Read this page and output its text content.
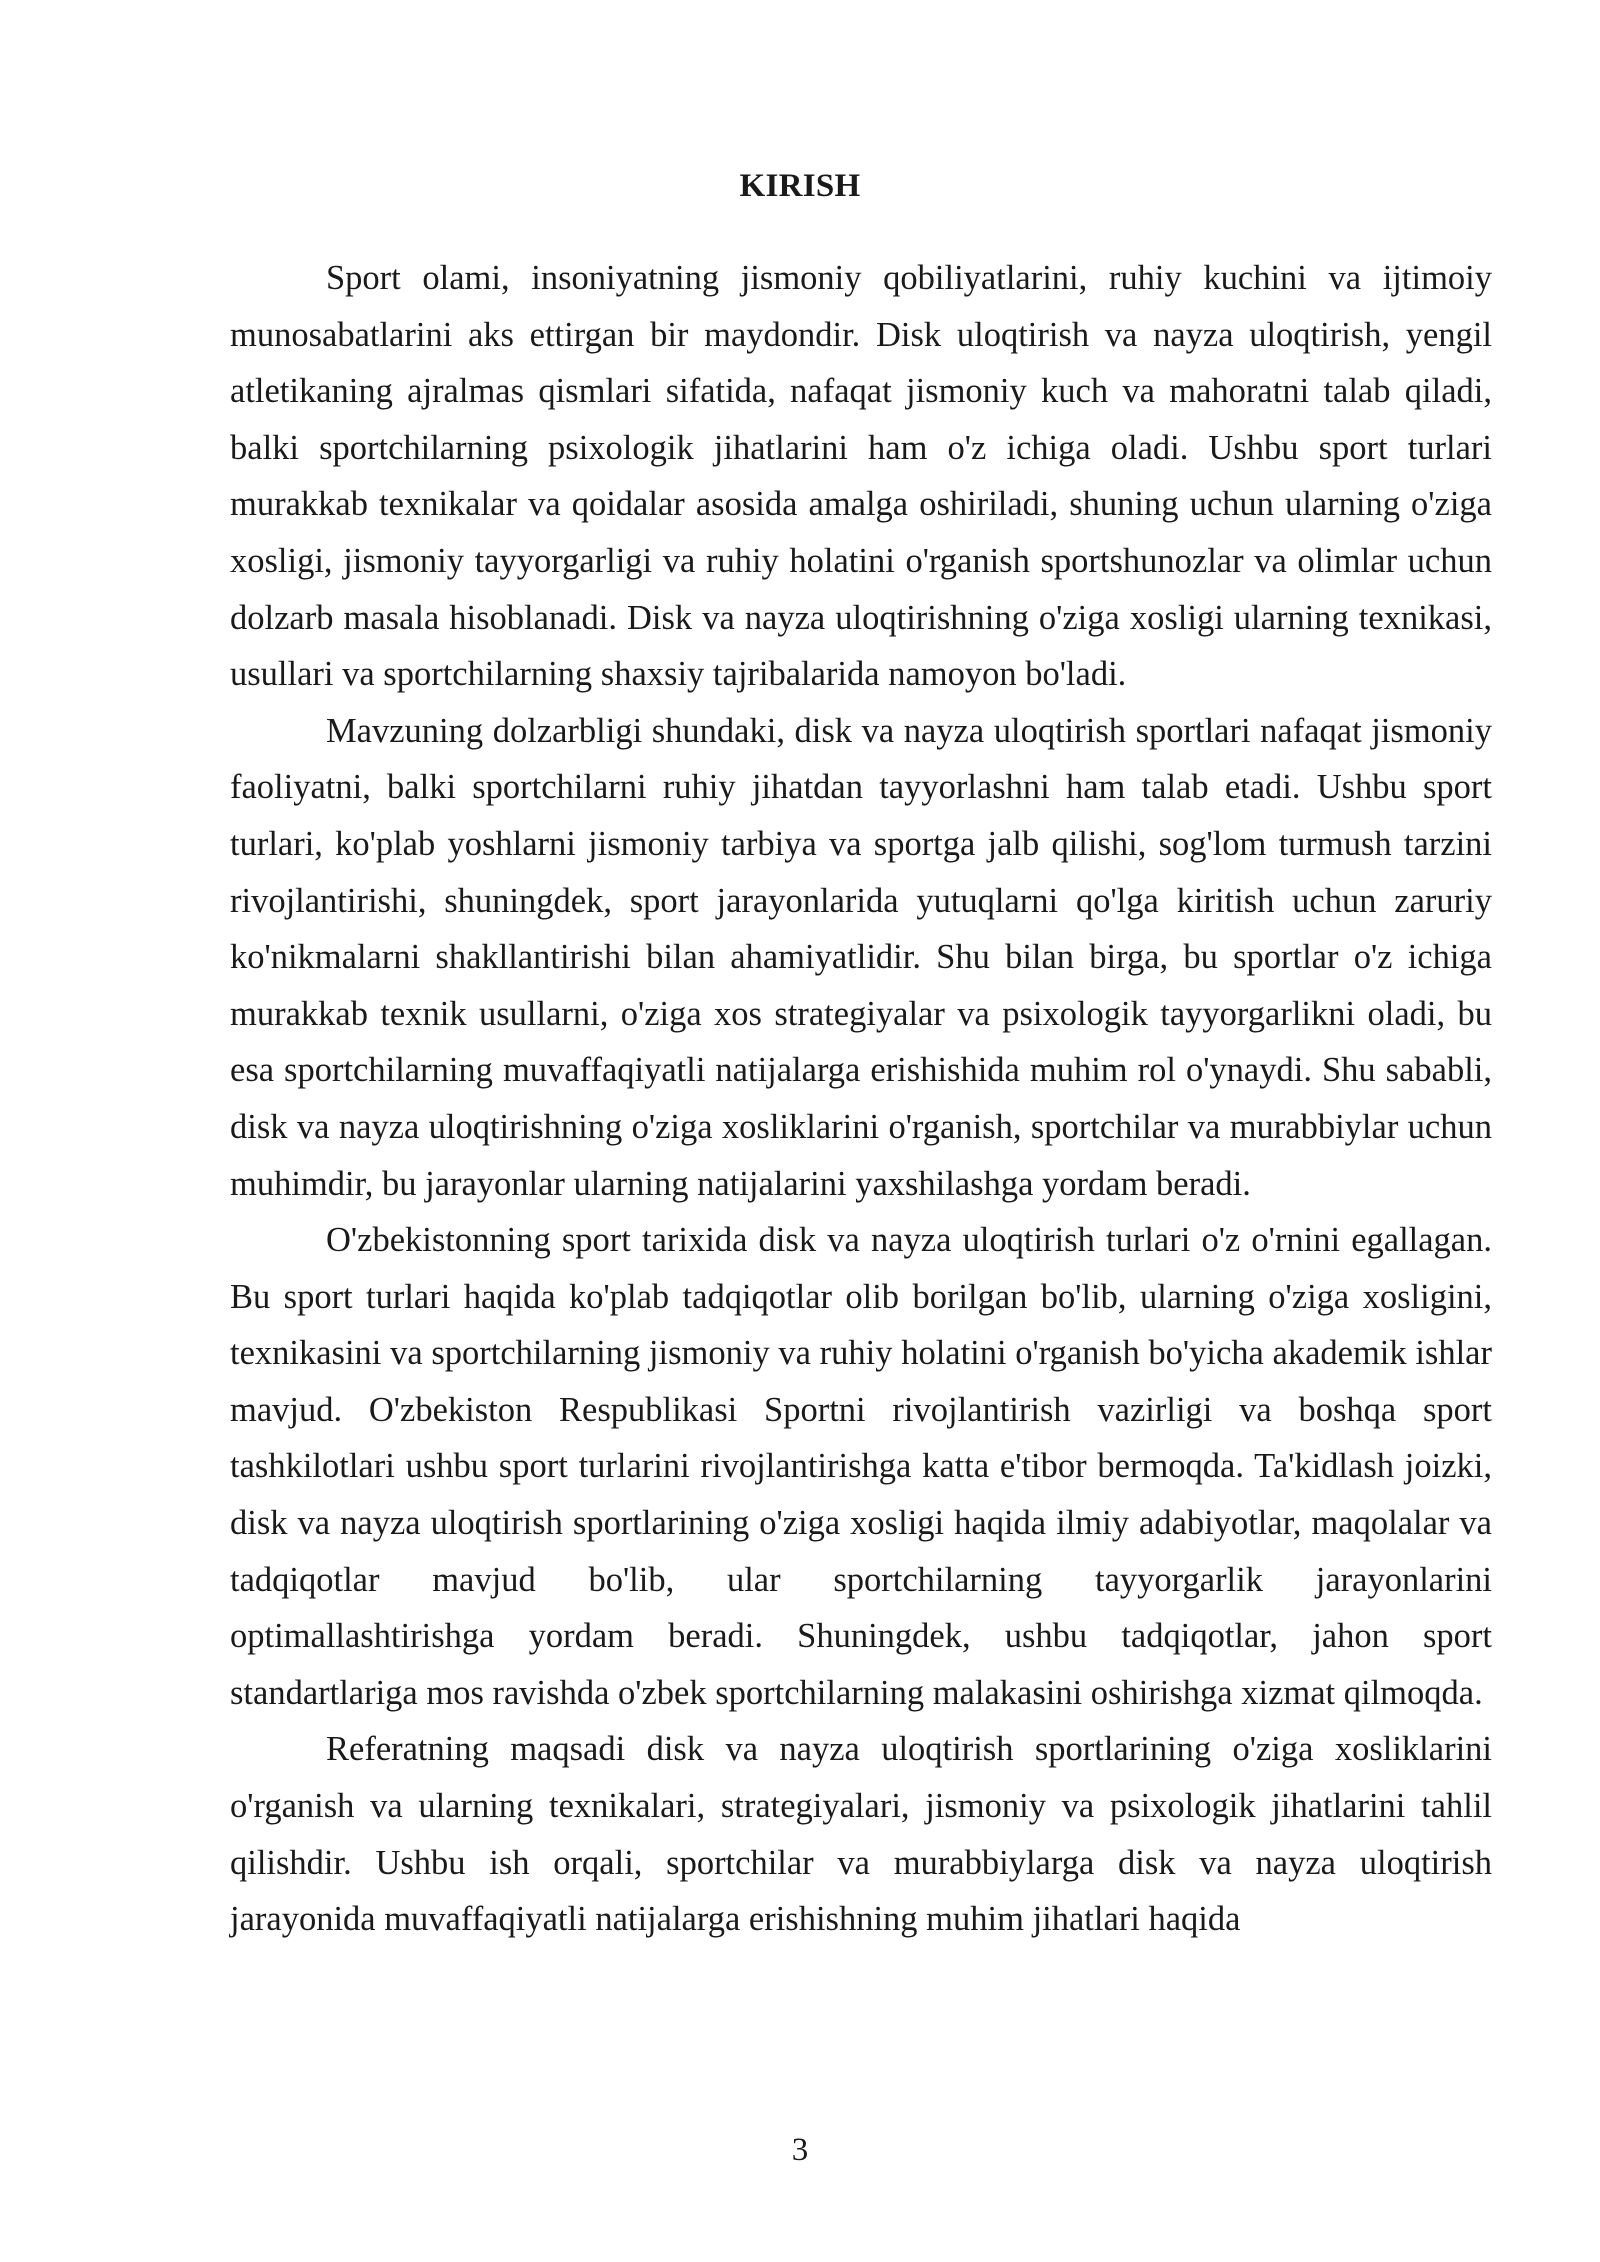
KIRISH

Sport olami, insoniyatning jismoniy qobiliyatlarini, ruhiy kuchini va ijtimoiy munosabatlarini aks ettirgan bir maydondir. Disk uloqtirish va nayza uloqtirish, yengil atletikaning ajralmas qismlari sifatida, nafaqat jismoniy kuch va mahoratni talab qiladi, balki sportchilarning psixologik jihatlarini ham o'z ichiga oladi. Ushbu sport turlari murakkab texnikalar va qoidalar asosida amalga oshiriladi, shuning uchun ularning o'ziga xosligi, jismoniy tayyorgarligi va ruhiy holatini o'rganish sportshunozlar va olimlar uchun dolzarb masala hisoblanadi. Disk va nayza uloqtirishning o'ziga xosligi ularning texnikasi, usullari va sportchilarning shaxsiy tajribalarida namoyon bo'ladi.

Mavzuning dolzarbligi shundaki, disk va nayza uloqtirish sportlari nafaqat jismoniy faoliyatni, balki sportchilarni ruhiy jihatdan tayyorlashni ham talab etadi. Ushbu sport turlari, ko'plab yoshlarni jismoniy tarbiya va sportga jalb qilishi, sog'lom turmush tarzini rivojlantirishi, shuningdek, sport jarayonlarida yutuqlarni qo'lga kiritish uchun zaruriy ko'nikmalarni shakllantirishi bilan ahamiyatlidir. Shu bilan birga, bu sportlar o'z ichiga murakkab texnik usullarni, o'ziga xos strategiyalar va psixologik tayyorgarlikni oladi, bu esa sportchilarning muvaffaqiyatli natijalarga erishishida muhim rol o'ynaydi. Shu sababli, disk va nayza uloqtirishning o'ziga xosliklarini o'rganish, sportchilar va murabbiylar uchun muhimdir, bu jarayonlar ularning natijalarini yaxshilashga yordam beradi.

O'zbekistonning sport tarixida disk va nayza uloqtirish turlari o'z o'rnini egallagan. Bu sport turlari haqida ko'plab tadqiqotlar olib borilgan bo'lib, ularning o'ziga xosligini, texnikasini va sportchilarning jismoniy va ruhiy holatini o'rganish bo'yicha akademik ishlar mavjud. O'zbekiston Respublikasi Sportni rivojlantirish vazirligi va boshqa sport tashkilotlari ushbu sport turlarini rivojlantirishga katta e'tibor bermoqda. Ta'kidlash joizki, disk va nayza uloqtirish sportlarining o'ziga xosligi haqida ilmiy adabiyotlar, maqolalar va tadqiqotlar mavjud bo'lib, ular sportchilarning tayyorgarlik jarayonlarini optimallashtirishga yordam beradi. Shuningdek, ushbu tadqiqotlar, jahon sport standartlariga mos ravishda o'zbek sportchilarning malakasini oshirishga xizmat qilmoqda.

Referatning maqsadi disk va nayza uloqtirish sportlarining o'ziga xosliklarini o'rganish va ularning texnikalari, strategiyalari, jismoniy va psixologik jihatlarini tahlil qilishdir. Ushbu ish orqali, sportchilar va murabbiylarga disk va nayza uloqtirish jarayonida muvaffaqiyatli natijalarga erishishning muhim jihatlari haqida

3
